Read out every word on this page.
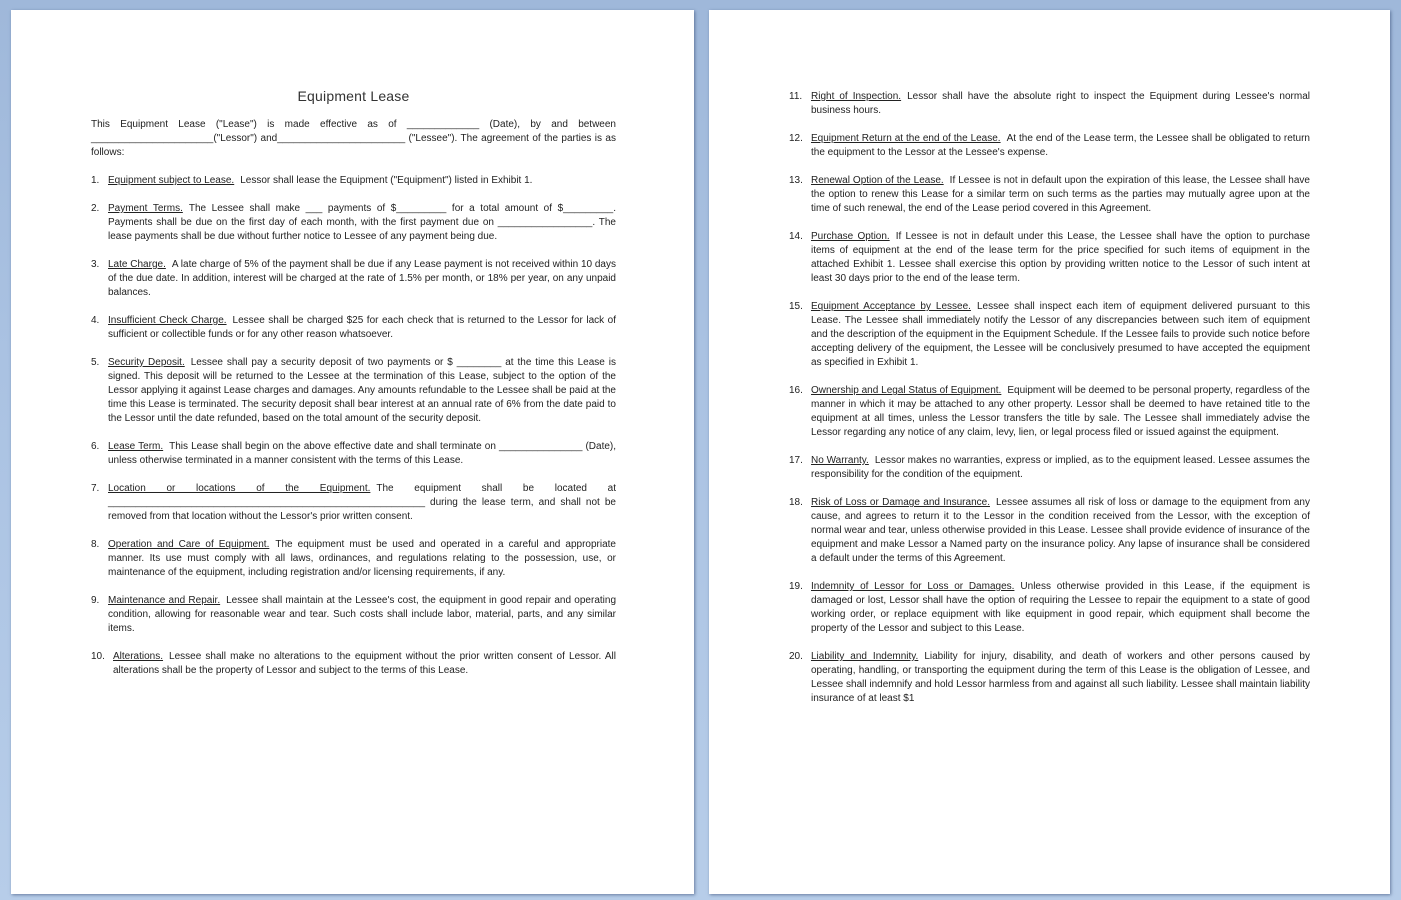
Equipment Lease

This Equipment Lease ("Lease") is made effective as of _____________ (Date), by and between ______________________("Lessor") and_______________________ ("Lessee"). The agreement of the parties is as follows:

1. Equipment subject to Lease. Lessor shall lease the Equipment ("Equipment") listed in Exhibit 1.
2. Payment Terms. The Lessee shall make ___ payments of $_________ for a total amount of $_________. Payments shall be due on the first day of each month, with the first payment due on _________________. The lease payments shall be due without further notice to Lessee of any payment being due.
3. Late Charge. A late charge of 5% of the payment shall be due if any Lease payment is not received within 10 days of the due date. In addition, interest will be charged at the rate of 1.5% per month, or 18% per year, on any unpaid balances.
4. Insufficient Check Charge. Lessee shall be charged $25 for each check that is returned to the Lessor for lack of sufficient or collectible funds or for any other reason whatsoever.
5. Security Deposit. Lessee shall pay a security deposit of two payments or $ ________ at the time this Lease is signed. This deposit will be returned to the Lessee at the termination of this Lease, subject to the option of the Lessor applying it against Lease charges and damages. Any amounts refundable to the Lessee shall be paid at the time this Lease is terminated. The security deposit shall bear interest at an annual rate of 6% from the date paid to the Lessor until the date refunded, based on the total amount of the security deposit.
6. Lease Term. This Lease shall begin on the above effective date and shall terminate on _______________ (Date), unless otherwise terminated in a manner consistent with the terms of this Lease.
7. Location or locations of the Equipment. The equipment shall be located at _________________________________________________________ during the lease term, and shall not be removed from that location without the Lessor's prior written consent.
8. Operation and Care of Equipment. The equipment must be used and operated in a careful and appropriate manner. Its use must comply with all laws, ordinances, and regulations relating to the possession, use, or maintenance of the equipment, including registration and/or licensing requirements, if any.
9. Maintenance and Repair. Lessee shall maintain at the Lessee's cost, the equipment in good repair and operating condition, allowing for reasonable wear and tear. Such costs shall include labor, material, parts, and any similar items.
10. Alterations. Lessee shall make no alterations to the equipment without the prior written consent of Lessor. All alterations shall be the property of Lessor and subject to the terms of this Lease.
11. Right of Inspection. Lessor shall have the absolute right to inspect the Equipment during Lessee's normal business hours.
12. Equipment Return at the end of the Lease. At the end of the Lease term, the Lessee shall be obligated to return the equipment to the Lessor at the Lessee's expense.
13. Renewal Option of the Lease. If Lessee is not in default upon the expiration of this lease, the Lessee shall have the option to renew this Lease for a similar term on such terms as the parties may mutually agree upon at the time of such renewal, the end of the Lease period covered in this Agreement.
14. Purchase Option. If Lessee is not in default under this Lease, the Lessee shall have the option to purchase items of equipment at the end of the lease term for the price specified for such items of equipment in the attached Exhibit 1. Lessee shall exercise this option by providing written notice to the Lessor of such intent at least 30 days prior to the end of the lease term.
15. Equipment Acceptance by Lessee. Lessee shall inspect each item of equipment delivered pursuant to this Lease. The Lessee shall immediately notify the Lessor of any discrepancies between such item of equipment and the description of the equipment in the Equipment Schedule. If the Lessee fails to provide such notice before accepting delivery of the equipment, the Lessee will be conclusively presumed to have accepted the equipment as specified in Exhibit 1.
16. Ownership and Legal Status of Equipment. Equipment will be deemed to be personal property, regardless of the manner in which it may be attached to any other property. Lessor shall be deemed to have retained title to the equipment at all times, unless the Lessor transfers the title by sale. The Lessee shall immediately advise the Lessor regarding any notice of any claim, levy, lien, or legal process filed or issued against the equipment.
17. No Warranty. Lessor makes no warranties, express or implied, as to the equipment leased. Lessee assumes the responsibility for the condition of the equipment.
18. Risk of Loss or Damage and Insurance. Lessee assumes all risk of loss or damage to the equipment from any cause, and agrees to return it to the Lessor in the condition received from the Lessor, with the exception of normal wear and tear, unless otherwise provided in this Lease. Lessee shall provide evidence of insurance of the equipment and make Lessor a Named party on the insurance policy. Any lapse of insurance shall be considered a default under the terms of this Agreement.
19. Indemnity of Lessor for Loss or Damages. Unless otherwise provided in this Lease, if the equipment is damaged or lost, Lessor shall have the option of requiring the Lessee to repair the equipment to a state of good working order, or replace equipment with like equipment in good repair, which equipment shall become the property of the Lessor and subject to this Lease.
20. Liability and Indemnity. Liability for injury, disability, and death of workers and other persons caused by operating, handling, or transporting the equipment during the term of this Lease is the obligation of Lessee, and Lessee shall indemnify and hold Lessor harmless from and against all such liability. Lessee shall maintain liability insurance of at least $1
